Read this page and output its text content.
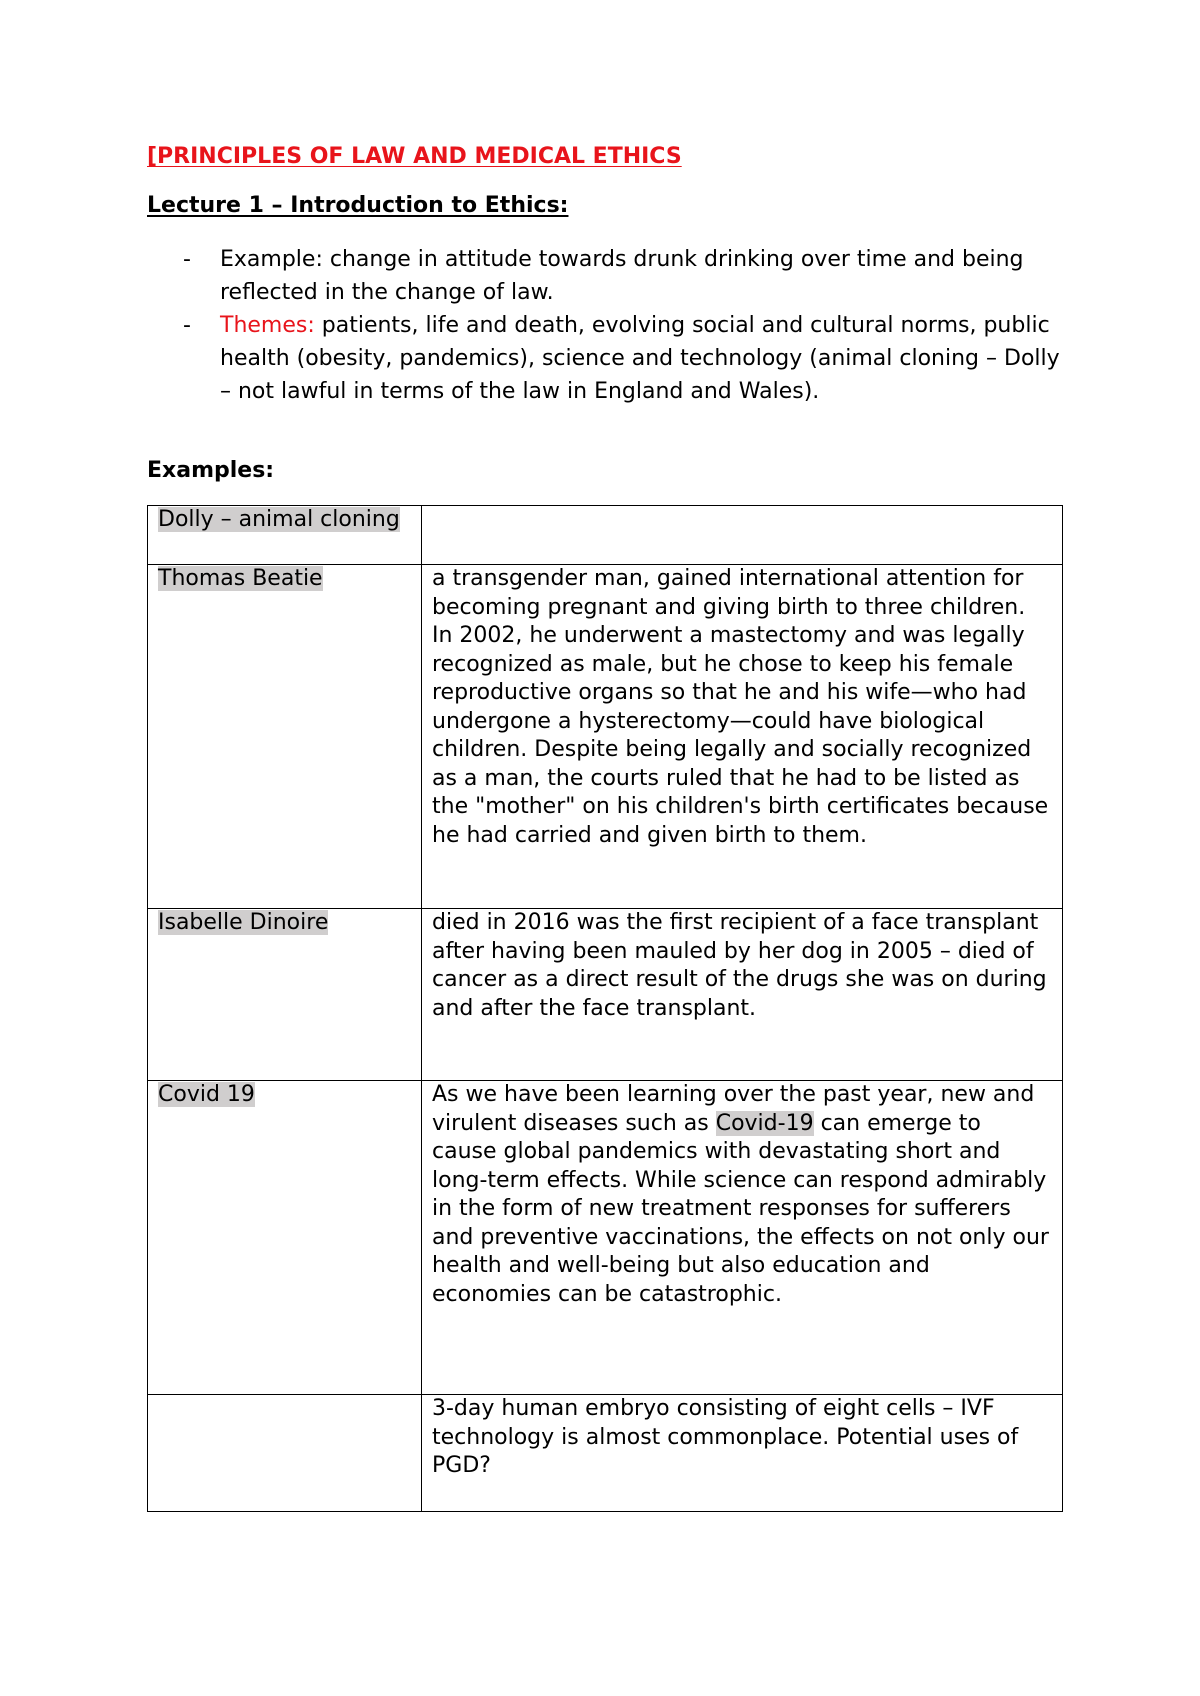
[PRINCIPLES OF LAW AND MEDICAL ETHICS
Lecture 1 – Introduction to Ethics:
- Example: change in attitude towards drunk drinking over time and being reflected in the change of law.
- Themes: patients, life and death, evolving social and cultural norms, public health (obesity, pandemics), science and technology (animal cloning – Dolly – not lawful in terms of the law in England and Wales).
Examples:
Dolly – animal cloning	
Thomas Beatie	a transgender man, gained international attention for becoming pregnant and giving birth to three children. In 2002, he underwent a mastectomy and was legally recognized as male, but he chose to keep his female reproductive organs so that he and his wife—who had undergone a hysterectomy—could have biological children. Despite being legally and socially recognized as a man, the courts ruled that he had to be listed as the "mother" on his children's birth certificates because he had carried and given birth to them.
Isabelle Dinoire	died in 2016 was the first recipient of a face transplant after having been mauled by her dog in 2005 – died of cancer as a direct result of the drugs she was on during and after the face transplant.
Covid 19	As we have been learning over the past year, new and virulent diseases such as Covid-19 can emerge to cause global pandemics with devastating short and long-term effects. While science can respond admirably in the form of new treatment responses for sufferers and preventive vaccinations, the effects on not only our health and well-being but also education and economies can be catastrophic.
	3-day human embryo consisting of eight cells – IVF technology is almost commonplace. Potential uses of PGD?
